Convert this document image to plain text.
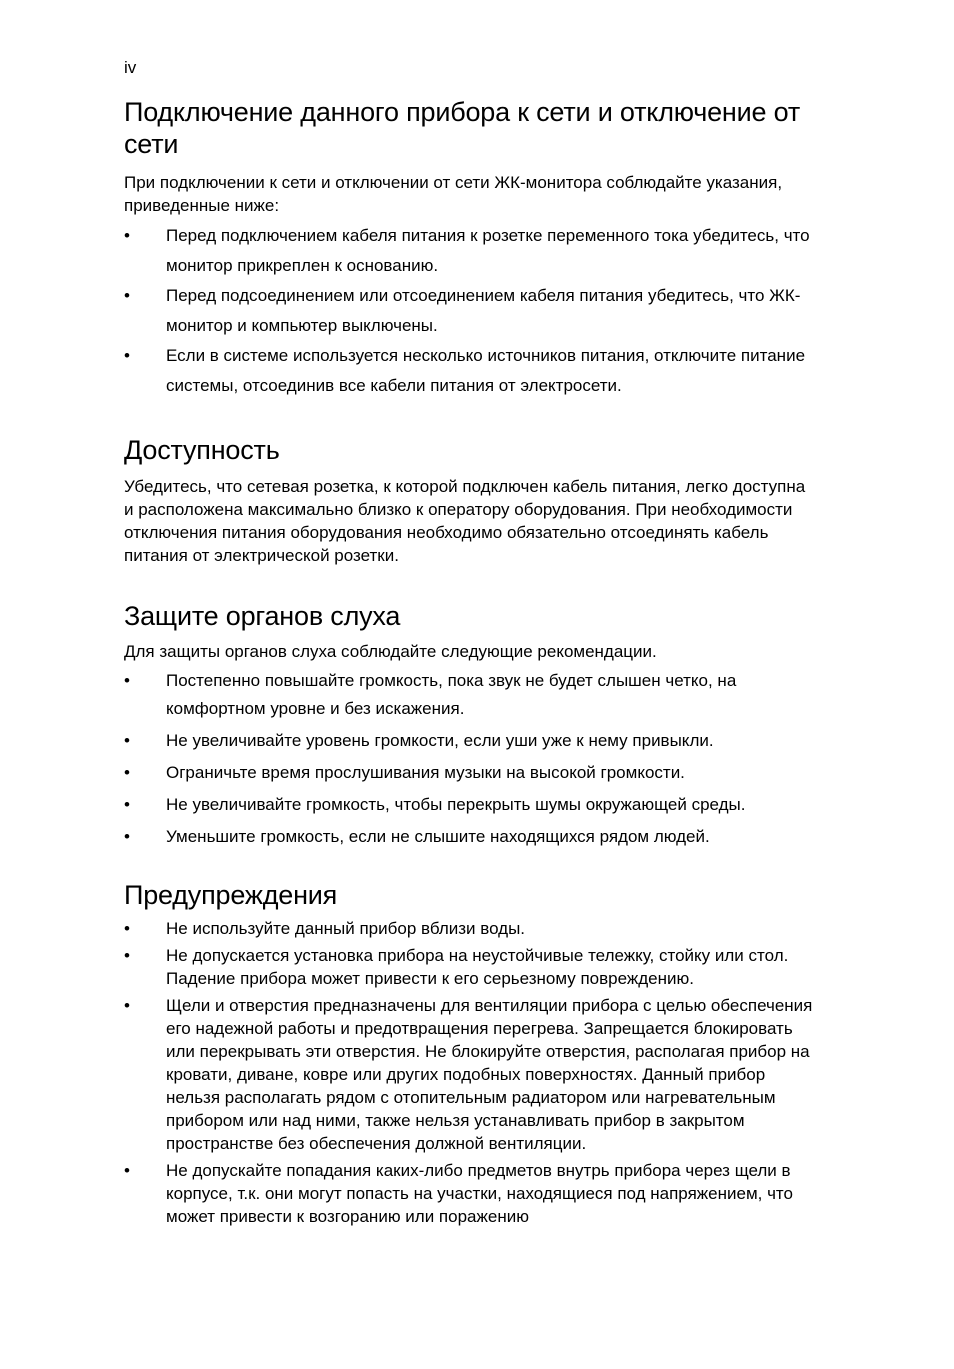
iv
Подключение данного прибора к сети и отключение от сети

При подключении к сети и отключении от сети ЖК-монитора соблюдайте указания, приведенные ниже:

• Перед подключением кабеля питания к розетке переменного тока убедитесь, что монитор прикреплен к основанию.
• Перед подсоединением или отсоединением кабеля питания убедитесь, что ЖК-монитор и компьютер выключены.
• Если в системе используется несколько источников питания, отключите питание системы, отсоединив все кабели питания от электросети.
Доступность

Убедитесь, что сетевая розетка, к которой подключен кабель питания, легко доступна и расположена максимально близко к оператору оборудования. При необходимости отключения питания оборудования необходимо обязательно отсоединять кабель питания от электрической розетки.

Защите органов слуха

Для защиты органов слуха соблюдайте следующие рекомендации.

• Постепенно повышайте громкость, пока звук не будет слышен четко, на комфортном уровне и без искажения.
• Не увеличивайте уровень громкости, если уши уже к нему привыкли.
• Ограничьте время прослушивания музыки на высокой громкости.
• Не увеличивайте громкость, чтобы перекрыть шумы окружающей среды.
• Уменьшите громкость, если не слышите находящихся рядом людей.
Предупреждения
• Не используйте данный прибор вблизи воды.
• Не допускается установка прибора на неустойчивые тележку, стойку или стол. Падение прибора может привести к его серьезному повреждению.
• Щели и отверстия предназначены для вентиляции прибора с целью обеспечения его надежной работы и предотвращения перегрева. Запрещается блокировать или перекрывать эти отверстия. Не блокируйте отверстия, располагая прибор на кровати, диване, ковре или других подобных поверхностях. Данный прибор нельзя располагать рядом с отопительным радиатором или нагревательным прибором или над ними, также нельзя устанавливать прибор в закрытом пространстве без обеспечения должной вентиляции.
• Не допускайте попадания каких-либо предметов внутрь прибора через щели в корпусе, т.к. они могут попасть на участки, находящиеся под напряжением, что может привести к возгоранию или поражению
